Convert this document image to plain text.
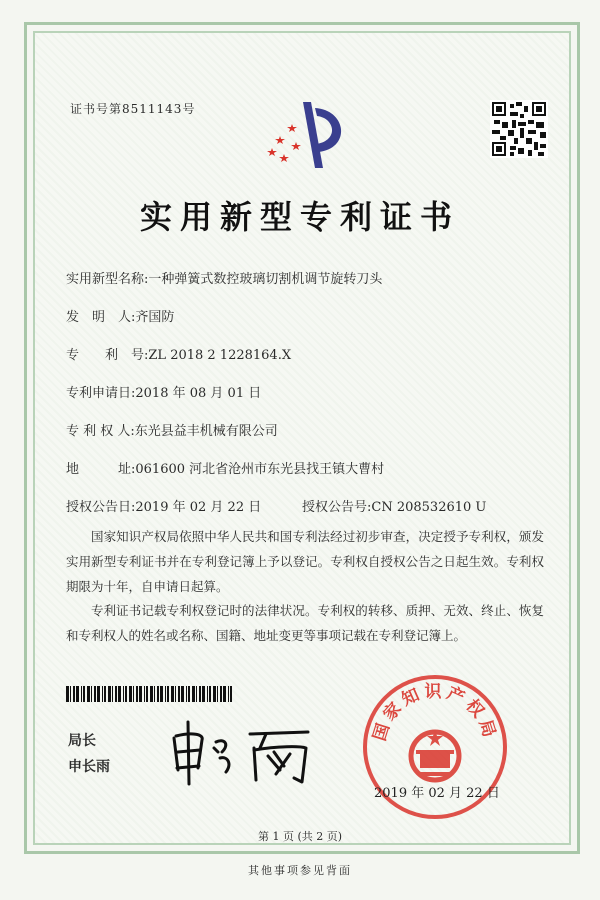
证书号第8511143号
实用新型专利证书
实用新型名称:一种弹簧式数控玻璃切割机调节旋转刀头
发　明　人:齐国防
专　　利　号:ZL 2018 2 1228164.X
专利申请日:2018 年 08 月 01 日
专 利 权 人:东光县益丰机械有限公司
地　　　址:061600 河北省沧州市东光县找王镇大曹村
授权公告日:2019 年 02 月 22 日	授权公告号:CN 208532610 U
国家知识产权局依照中华人民共和国专利法经过初步审查，决定授予专利权，颁发实用新型专利证书并在专利登记簿上予以登记。专利权自授权公告之日起生效。专利权期限为十年，自申请日起算。
专利证书记载专利权登记时的法律状况。专利权的转移、质押、无效、终止、恢复和专利权人的姓名或名称、国籍、地址变更等事项记载在专利登记簿上。
局长
申长雨
国家知识产权局
2019 年 02 月 22 日
第 1 页 (共 2 页)
其他事项参见背面
